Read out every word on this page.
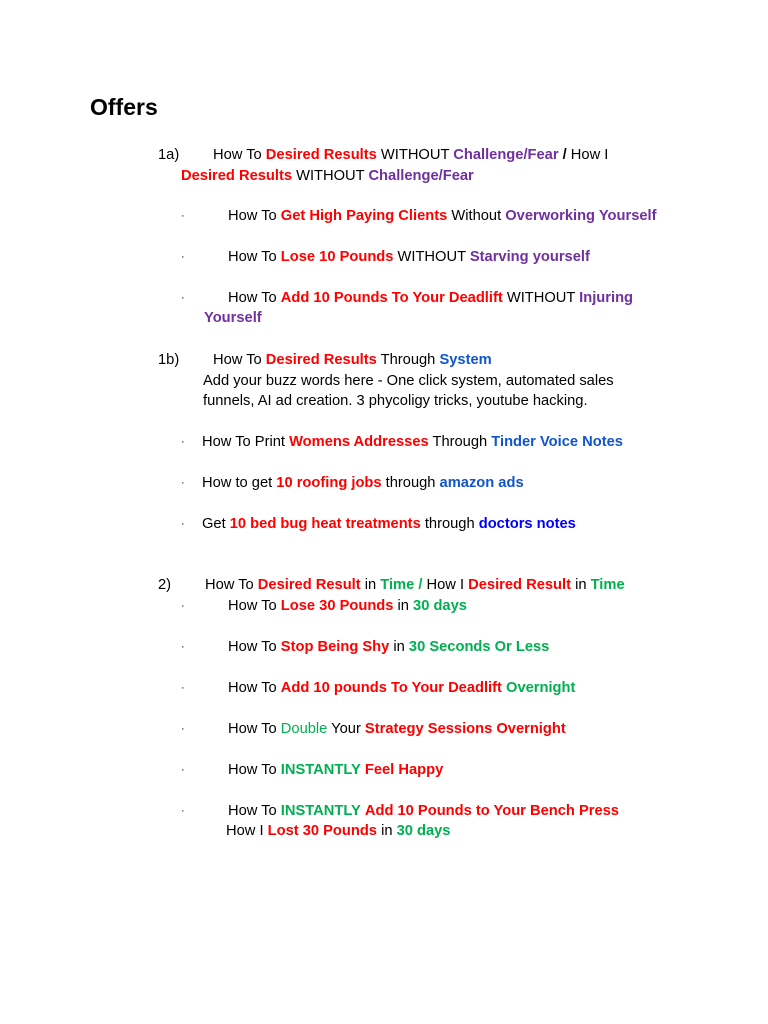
Offers
1a) How To Desired Results WITHOUT Challenge/Fear / How I
Desired Results WITHOUT Challenge/Fear
·	How To Get High Paying Clients Without Overworking Yourself
·	How To Lose 10 Pounds WITHOUT Starving yourself
·	How To Add 10 Pounds To Your Deadlift WITHOUT Injuring
Yourself
1b) How To Desired Results Through System
Add your buzz words here - One click system, automated sales
funnels, AI ad creation. 3 phycoligy tricks, youtube hacking.
· How To Print Womens Addresses Through Tinder Voice Notes
· How to get 10 roofing jobs through amazon ads
· Get 10 bed bug heat treatments through doctors notes
2) How To Desired Result in Time / How I Desired Result in Time
·	How To Lose 30 Pounds in 30 days
·	How To Stop Being Shy in 30 Seconds Or Less
·	How To Add 10 pounds To Your Deadlift Overnight
·	How To Double Your Strategy Sessions Overnight
·	How To INSTANTLY Feel Happy
·	How To INSTANTLY Add 10 Pounds to Your Bench Press
How I Lost 30 Pounds in 30 days
